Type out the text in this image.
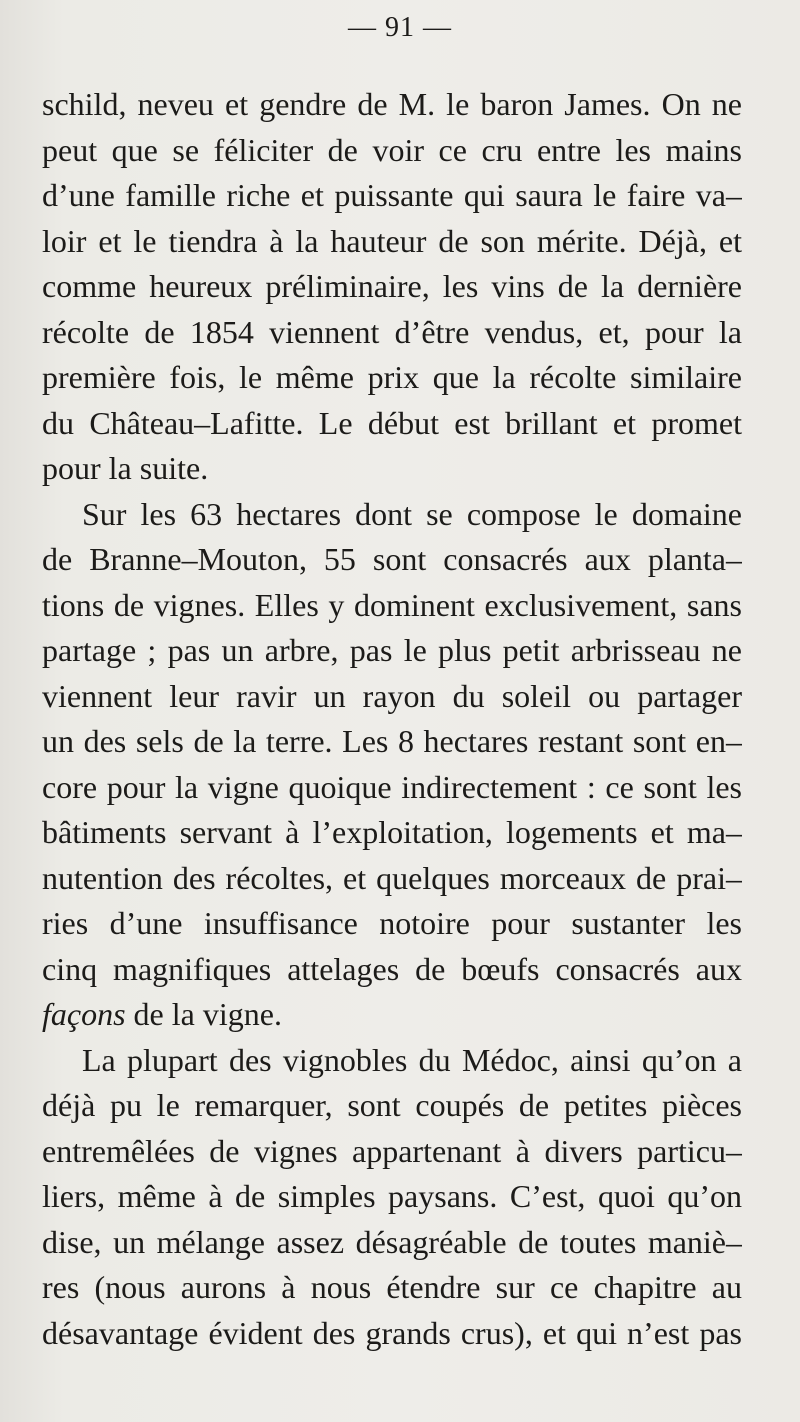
— 91 —
schild, neveu et gendre de M. le baron James. On ne
peut que se féliciter de voir ce cru entre les mains
d’une famille riche et puissante qui saura le faire va–
loir et le tiendra à la hauteur de son mérite. Déjà, et
comme heureux préliminaire, les vins de la dernière
récolte de 1854 viennent d’être vendus, et, pour la
première fois, le même prix que la récolte similaire
du Château–Lafitte. Le début est brillant et promet
pour la suite.
Sur les 63 hectares dont se compose le domaine
de Branne–Mouton, 55 sont consacrés aux planta–
tions de vignes. Elles y dominent exclusivement, sans
partage ; pas un arbre, pas le plus petit arbrisseau ne
viennent leur ravir un rayon du soleil ou partager
un des sels de la terre. Les 8 hectares restant sont en–
core pour la vigne quoique indirectement : ce sont les
bâtiments servant à l’exploitation, logements et ma–
nutention des récoltes, et quelques morceaux de prai–
ries d’une insuffisance notoire pour sustanter les
cinq magnifiques attelages de bœufs consacrés aux
façons de la vigne.
La plupart des vignobles du Médoc, ainsi qu’on a
déjà pu le remarquer, sont coupés de petites pièces
entremêlées de vignes appartenant à divers particu–
liers, même à de simples paysans. C’est, quoi qu’on
dise, un mélange assez désagréable de toutes maniè–
res (nous aurons à nous étendre sur ce chapitre au
désavantage évident des grands crus), et qui n’est pas
